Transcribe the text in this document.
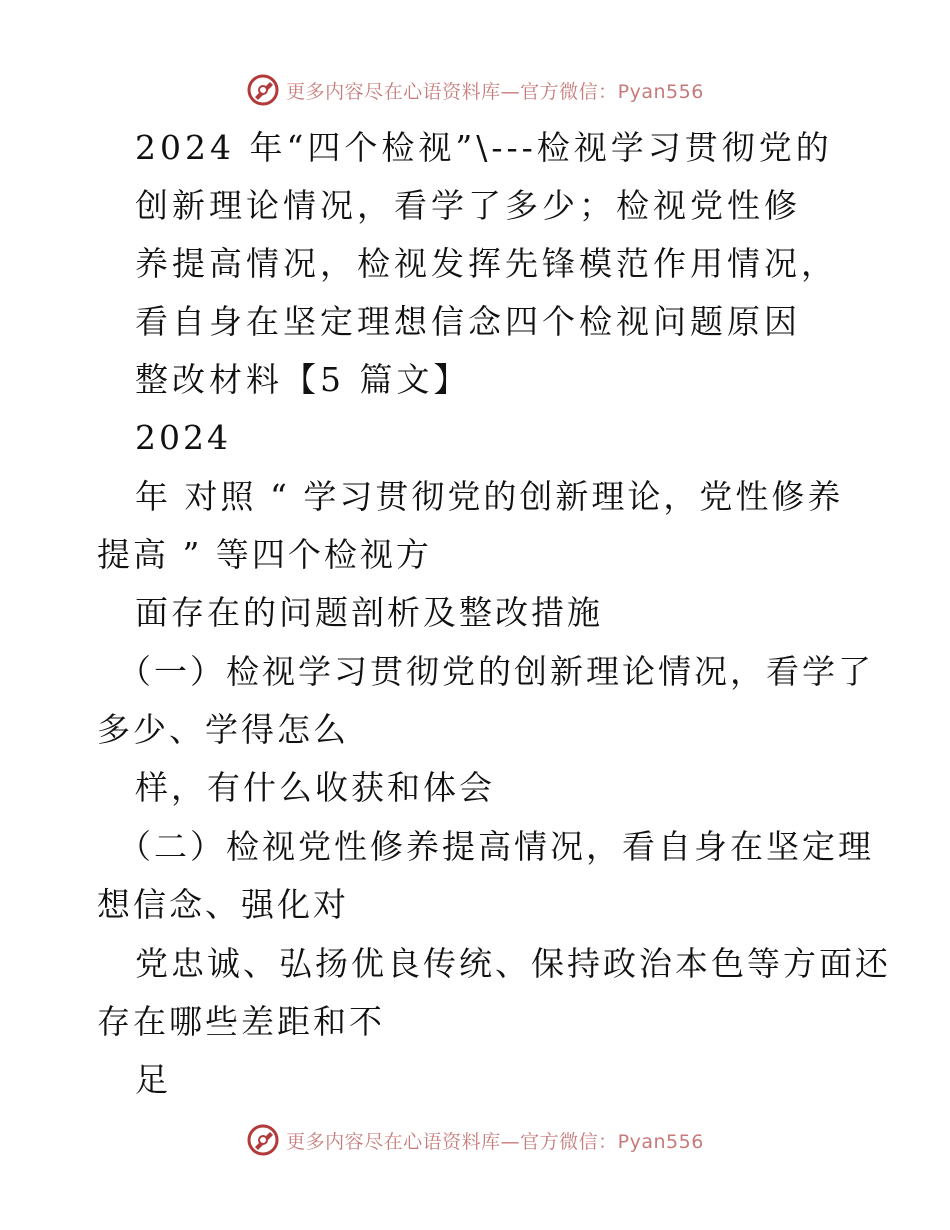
更多内容尽在心语资料库—官方微信：Pyan556
2024 年“四个检视”\---检视学习贯彻党的
创新理论情况，看学了多少；检视党性修
养提高情况，检视发挥先锋模范作用情况，
看自身在坚定理想信念四个检视问题原因
整改材料【5 篇文】
2024
年 对照 “ 学习贯彻党的创新理论，党性修养
提高 ” 等四个检视方
面存在的问题剖析及整改措施
（一）检视学习贯彻党的创新理论情况，看学了
多少、学得怎么
样，有什么收获和体会
（二）检视党性修养提高情况，看自身在坚定理
想信念、强化对
党忠诚、弘扬优良传统、保持政治本色等方面还
存在哪些差距和不
足
更多内容尽在心语资料库—官方微信：Pyan556
